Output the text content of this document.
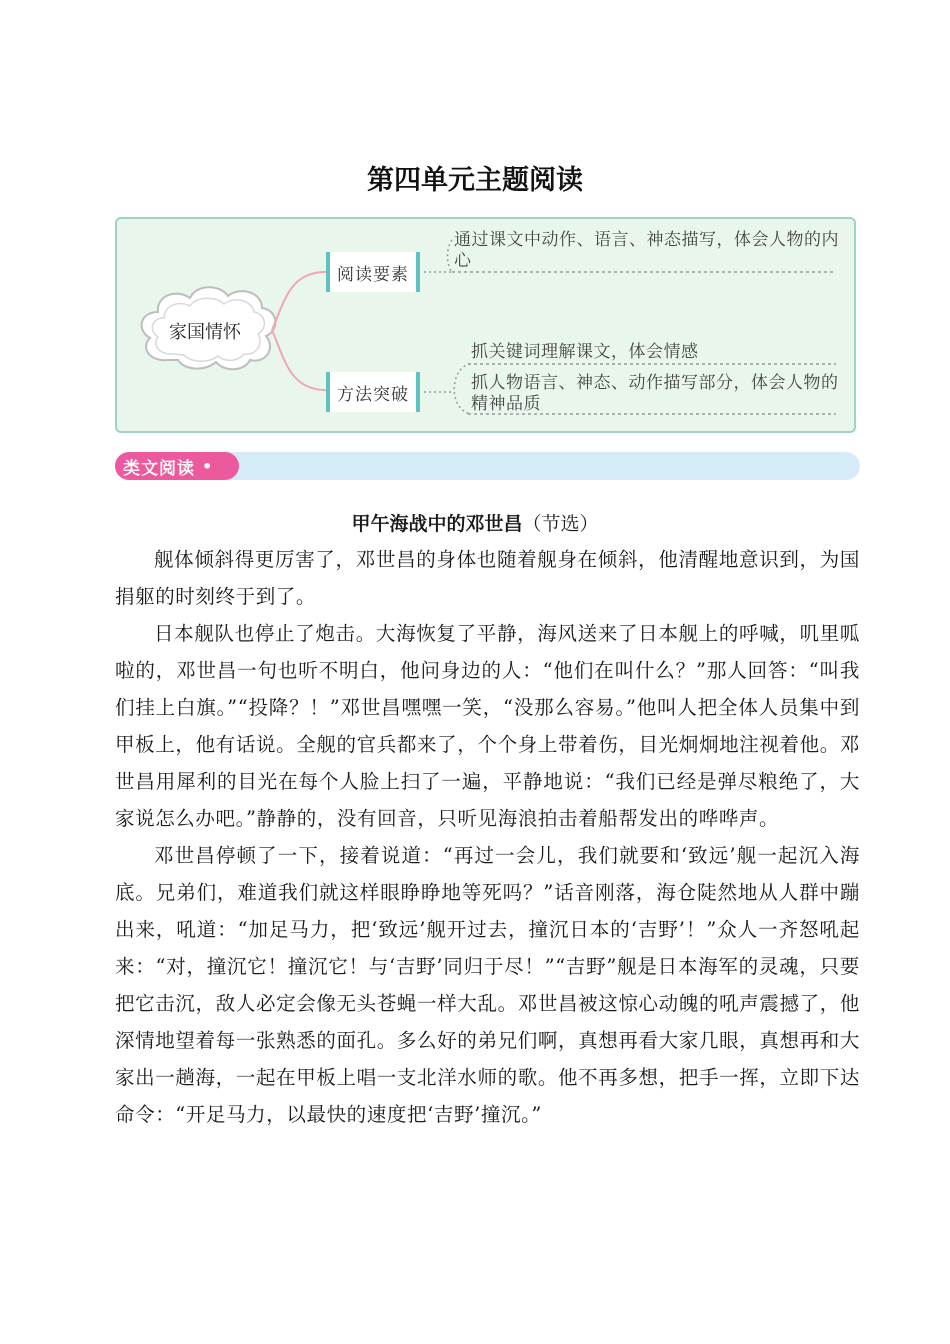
第四单元主题阅读
家国情怀
阅读要素
方法突破
通过课文中动作、语言、神态描写，体会人物的内心
抓关键词理解课文，体会情感
抓人物语言、神态、动作描写部分，体会人物的精神品质
类文阅读 •
甲午海战中的邓世昌（节选）

舰体倾斜得更厉害了，邓世昌的身体也随着舰身在倾斜，他清醒地意识到，为国捐躯的时刻终于到了。

日本舰队也停止了炮击。大海恢复了平静，海风送来了日本舰上的呼喊，叽里呱啦的，邓世昌一句也听不明白，他问身边的人：“他们在叫什么？”那人回答：“叫我们挂上白旗。”“投降？！”邓世昌嘿嘿一笑，“没那么容易。”他叫人把全体人员集中到甲板上，他有话说。全舰的官兵都来了，个个身上带着伤，目光炯炯地注视着他。邓世昌用犀利的目光在每个人脸上扫了一遍，平静地说：“我们已经是弹尽粮绝了，大家说怎么办吧。”静静的，没有回音，只听见海浪拍击着船帮发出的哗哗声。

邓世昌停顿了一下，接着说道：“再过一会儿，我们就要和‘致远’舰一起沉入海底。兄弟们，难道我们就这样眼睁睁地等死吗？”话音刚落，海仓陡然地从人群中蹦出来，吼道：“加足马力，把‘致远’舰开过去，撞沉日本的‘吉野’！”众人一齐怒吼起来：“对，撞沉它！撞沉它！与‘吉野’同归于尽！”“吉野”舰是日本海军的灵魂，只要把它击沉，敌人必定会像无头苍蝇一样大乱。邓世昌被这惊心动魄的吼声震撼了，他深情地望着每一张熟悉的面孔。多么好的弟兄们啊，真想再看大家几眼，真想再和大家出一趟海，一起在甲板上唱一支北洋水师的歌。他不再多想，把手一挥，立即下达命令：“开足马力，以最快的速度把‘吉野’撞沉。”
